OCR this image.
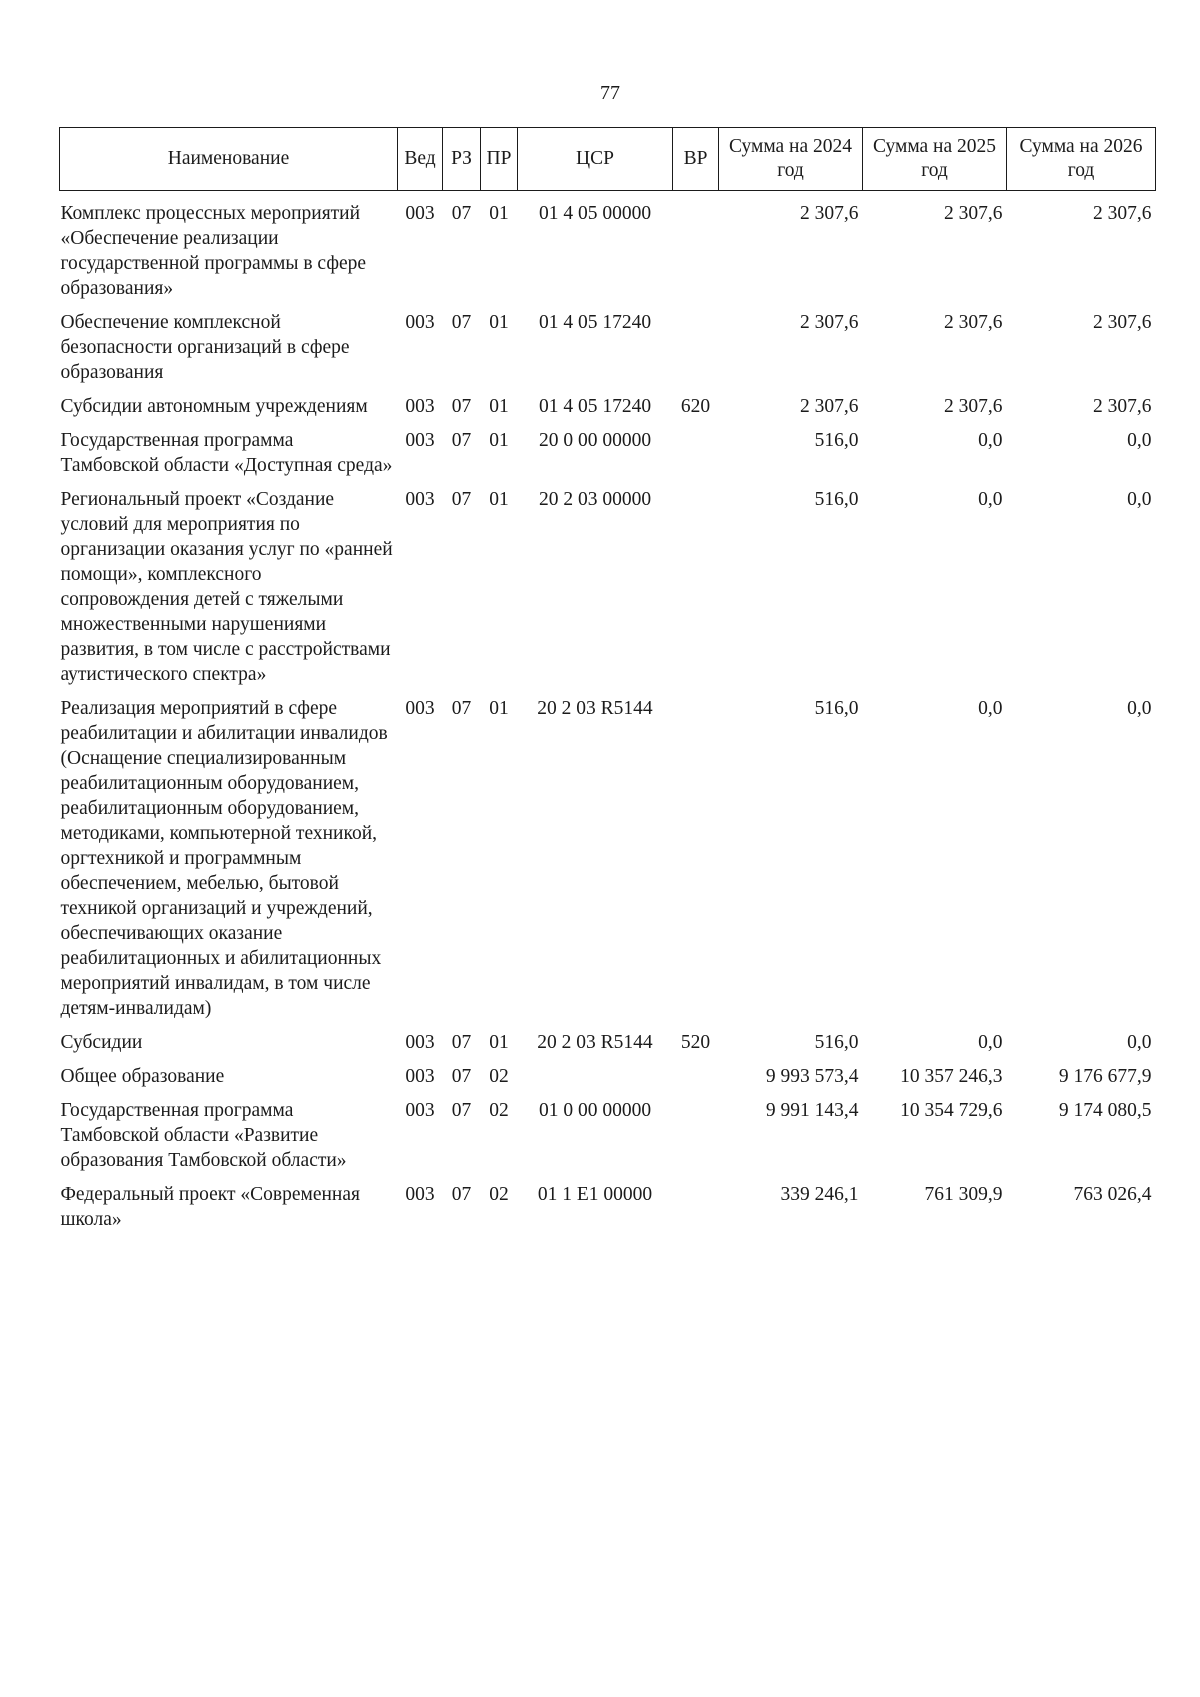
77
Наименование	Вед	РЗ	ПР	ЦСР	ВР	Сумма на 2024 год	Сумма на 2025 год	Сумма на 2026 год
Комплекс процессных мероприятий «Обеспечение реализации государственной программы в сфере образования»	003	07	01	01 4 05 00000		2 307,6	2 307,6	2 307,6
Обеспечение комплексной безопасности организаций в сфере образования	003	07	01	01 4 05 17240		2 307,6	2 307,6	2 307,6
Субсидии автономным учреждениям	003	07	01	01 4 05 17240	620	2 307,6	2 307,6	2 307,6
Государственная программа Тамбовской области «Доступная среда»	003	07	01	20 0 00 00000		516,0	0,0	0,0
Региональный проект «Создание условий для мероприятия по организации оказания услуг по «ранней помощи», комплексного сопровождения детей с тяжелыми множественными нарушениями развития, в том числе с расстройствами аутистического спектра»	003	07	01	20 2 03 00000		516,0	0,0	0,0
Реализация мероприятий в сфере реабилитации и абилитации инвалидов (Оснащение специализированным реабилитационным оборудованием, реабилитационным оборудованием, методиками, компьютерной техникой, оргтехникой и программным обеспечением, мебелью, бытовой техникой организаций и учреждений, обеспечивающих оказание реабилитационных и абилитационных мероприятий инвалидам, в том числе детям-инвалидам)	003	07	01	20 2 03 R5144		516,0	0,0	0,0
Субсидии	003	07	01	20 2 03 R5144	520	516,0	0,0	0,0
Общее образование	003	07	02			9 993 573,4	10 357 246,3	9 176 677,9
Государственная программа Тамбовской области «Развитие образования Тамбовской области»	003	07	02	01 0 00 00000		9 991 143,4	10 354 729,6	9 174 080,5
Федеральный проект «Современная школа»	003	07	02	01 1 E1 00000		339 246,1	761 309,9	763 026,4
